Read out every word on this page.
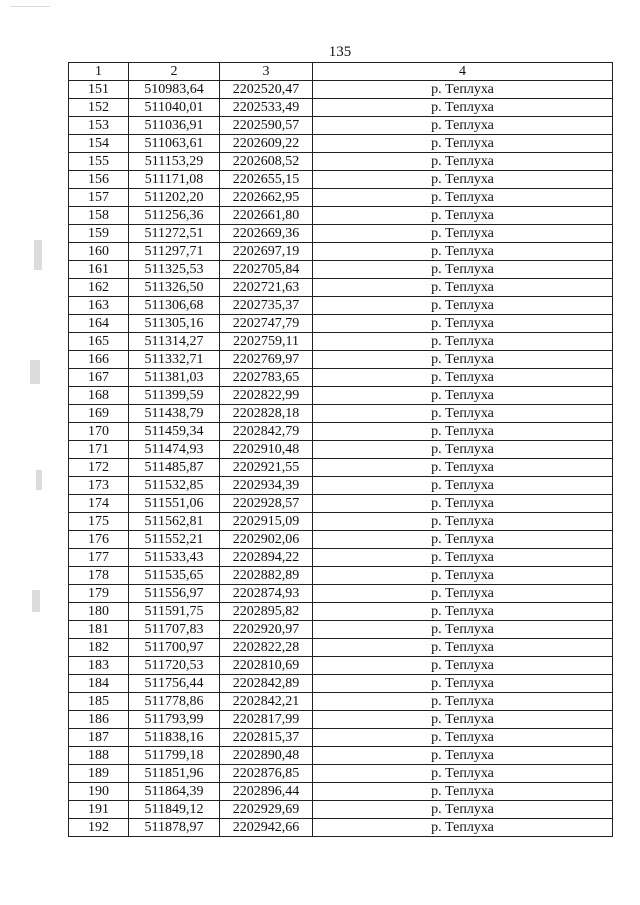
135
1	2	3	4
151	510983,64	2202520,47	р. Теплуха
152	511040,01	2202533,49	р. Теплуха
153	511036,91	2202590,57	р. Теплуха
154	511063,61	2202609,22	р. Теплуха
155	511153,29	2202608,52	р. Теплуха
156	511171,08	2202655,15	р. Теплуха
157	511202,20	2202662,95	р. Теплуха
158	511256,36	2202661,80	р. Теплуха
159	511272,51	2202669,36	р. Теплуха
160	511297,71	2202697,19	р. Теплуха
161	511325,53	2202705,84	р. Теплуха
162	511326,50	2202721,63	р. Теплуха
163	511306,68	2202735,37	р. Теплуха
164	511305,16	2202747,79	р. Теплуха
165	511314,27	2202759,11	р. Теплуха
166	511332,71	2202769,97	р. Теплуха
167	511381,03	2202783,65	р. Теплуха
168	511399,59	2202822,99	р. Теплуха
169	511438,79	2202828,18	р. Теплуха
170	511459,34	2202842,79	р. Теплуха
171	511474,93	2202910,48	р. Теплуха
172	511485,87	2202921,55	р. Теплуха
173	511532,85	2202934,39	р. Теплуха
174	511551,06	2202928,57	р. Теплуха
175	511562,81	2202915,09	р. Теплуха
176	511552,21	2202902,06	р. Теплуха
177	511533,43	2202894,22	р. Теплуха
178	511535,65	2202882,89	р. Теплуха
179	511556,97	2202874,93	р. Теплуха
180	511591,75	2202895,82	р. Теплуха
181	511707,83	2202920,97	р. Теплуха
182	511700,97	2202822,28	р. Теплуха
183	511720,53	2202810,69	р. Теплуха
184	511756,44	2202842,89	р. Теплуха
185	511778,86	2202842,21	р. Теплуха
186	511793,99	2202817,99	р. Теплуха
187	511838,16	2202815,37	р. Теплуха
188	511799,18	2202890,48	р. Теплуха
189	511851,96	2202876,85	р. Теплуха
190	511864,39	2202896,44	р. Теплуха
191	511849,12	2202929,69	р. Теплуха
192	511878,97	2202942,66	р. Теплуха
